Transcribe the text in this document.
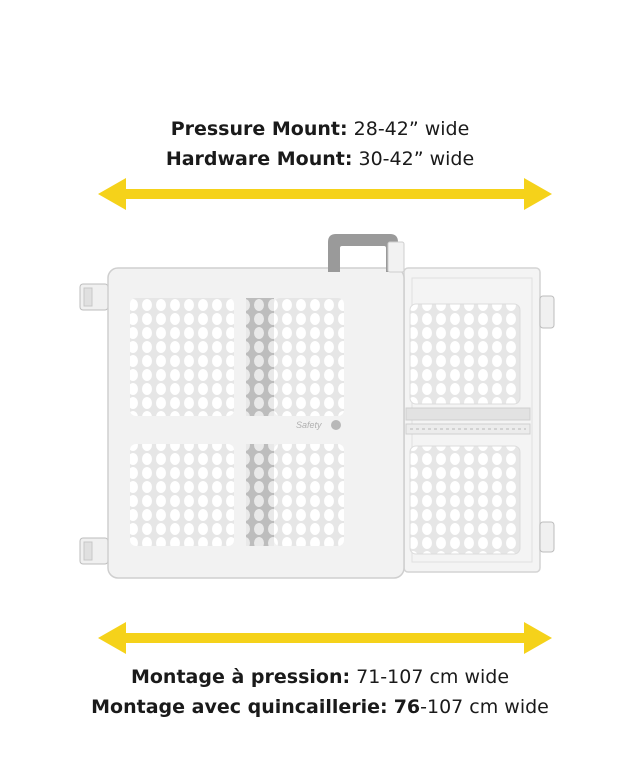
Pressure Mount: 28-42” wide
Hardware Mount: 30-42” wide
Safety
Montage à pression: 71-107 cm wide
Montage avec quincaillerie: 76-107 cm wide
